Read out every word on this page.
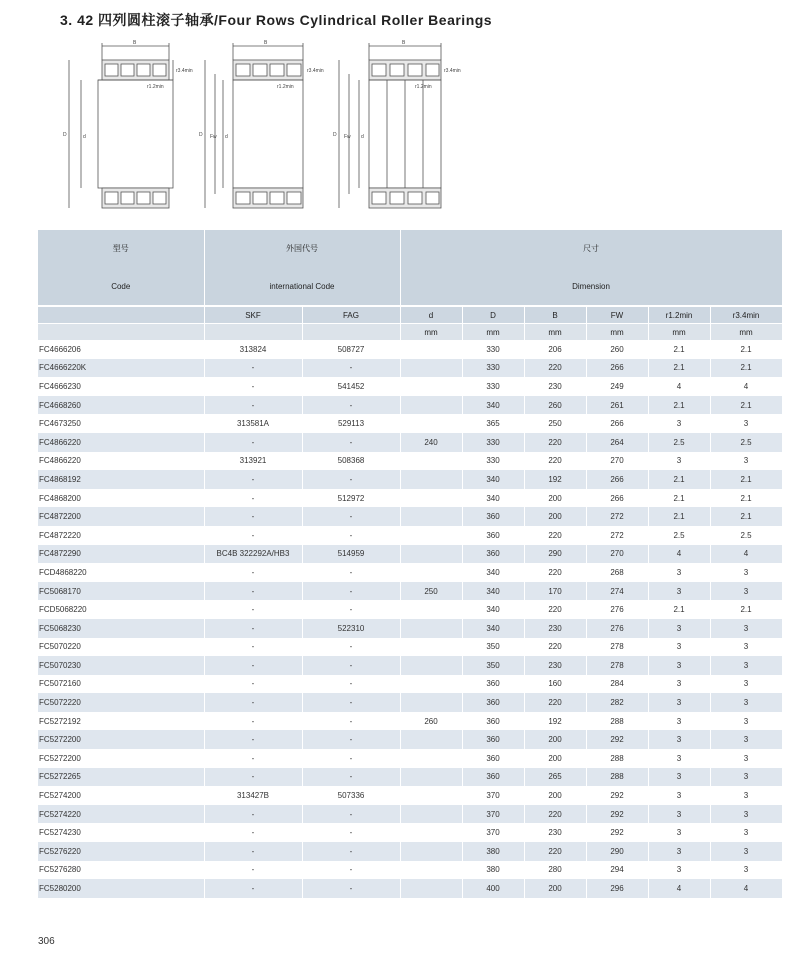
3. 42 四列圆柱滚子轴承/Four Rows Cylindrical Roller Bearings
B	B	B
r3.4min	r3.4min	r3.4min
r1.2min	r1.2min	r1.2min
D	d	D Fw d	D Fw d
型号	外国代号		尺寸					
Code	international Code		Dimension					
	SKF	FAG	d	D	B	FW	r1.2min	r3.4min
			mm	mm	mm	mm	mm	mm
FC4666206	313824	508727		330	206	260	2.1	2.1
FC4666220K	-	-		330	220	266	2.1	2.1
FC4666230	-	541452		330	230	249	4	4
FC4668260	-	-		340	260	261	2.1	2.1
FC4673250	313581A	529113		365	250	266	3	3
FC4866220	-	-	240	330	220	264	2.5	2.5
FC4866220	313921	508368		330	220	270	3	3
FC4868192	-	-		340	192	266	2.1	2.1
FC4868200	-	512972		340	200	266	2.1	2.1
FC4872200	-	-		360	200	272	2.1	2.1
FC4872220	-	-		360	220	272	2.5	2.5
FC4872290	BC4B 322292A/HB3	514959		360	290	270	4	4
FCD4868220	-	-		340	220	268	3	3
FC5068170	-	-	250	340	170	274	3	3
FCD5068220	-	-		340	220	276	2.1	2.1
FC5068230	-	522310		340	230	276	3	3
FC5070220	-	-		350	220	278	3	3
FC5070230	-	-		350	230	278	3	3
FC5072160	-	-		360	160	284	3	3
FC5072220	-	-		360	220	282	3	3
FC5272192	-	-	260	360	192	288	3	3
FC5272200	-	-		360	200	292	3	3
FC5272200	-	-		360	200	288	3	3
FC5272265	-	-		360	265	288	3	3
FC5274200	313427B	507336		370	200	292	3	3
FC5274220	-	-		370	220	292	3	3
FC5274230	-	-		370	230	292	3	3
FC5276220	-	-		380	220	290	3	3
FC5276280	-	-		380	280	294	3	3
FC5280200	-	-		400	200	296	4	4
306
